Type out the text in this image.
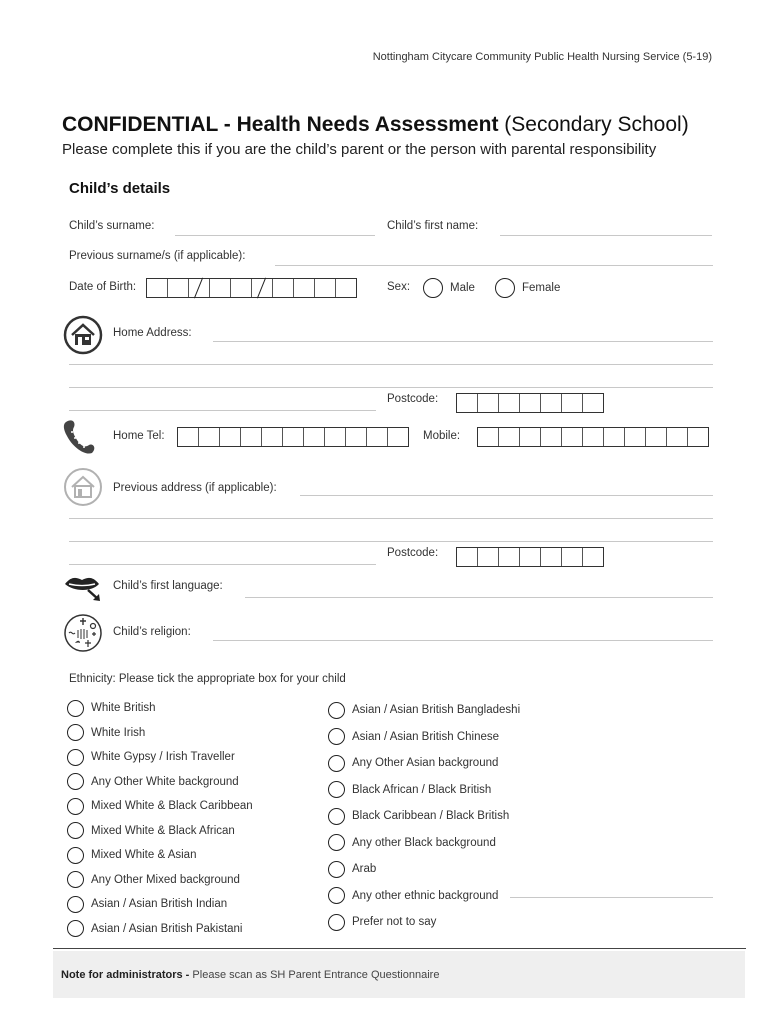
Nottingham Citycare Community Public Health Nursing Service (5-19)
CONFIDENTIAL - Health Needs Assessment (Secondary School)
Please complete this if you are the child’s parent or the person with parental responsibility
Child’s details
Child’s surname:	Child’s first name:
Previous surname/s (if applicable):
Date of Birth:	Sex:	Male	Female
Home Address:
Postcode:
Home Tel:	Mobile:
Previous address (if applicable):
Postcode:
Child’s first language:
Child’s religion:
Ethnicity: Please tick the appropriate box for your child
White British
White Irish
White Gypsy / Irish Traveller
Any Other White background
Mixed White & Black Caribbean
Mixed White & Black African
Mixed White & Asian
Any Other Mixed background
Asian / Asian British Indian
Asian / Asian British Pakistani
Asian / Asian British Bangladeshi
Asian / Asian British Chinese
Any Other Asian background
Black African / Black British
Black Caribbean / Black British
Any other Black background
Arab
Any other ethnic background
Prefer not to say
Note for administrators -
Please scan as SH Parent Entrance Questionnaire
